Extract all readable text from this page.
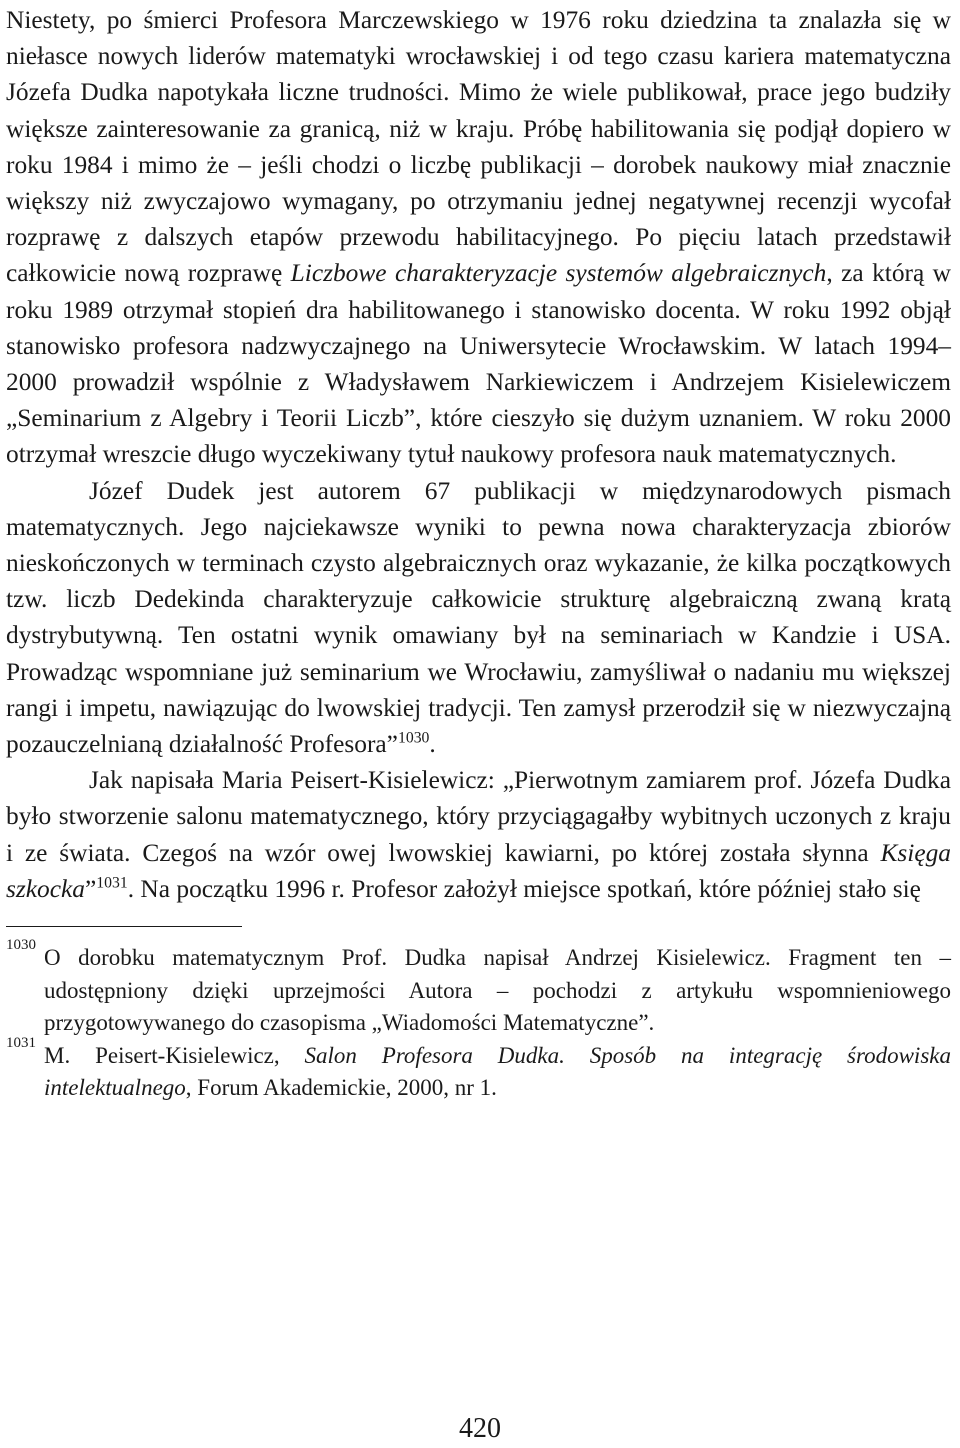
Niestety, po śmierci Profesora Marczewskiego w 1976 roku dziedzina ta znalazła się w niełasce nowych liderów matematyki wrocławskiej i od tego czasu kariera matematyczna Józefa Dudka napotykała liczne trudności. Mimo że wiele publikował, prace jego budziły większe zainteresowanie za granicą, niż w kraju. Próbę habilitowania się podjął dopiero w roku 1984 i mimo że – jeśli chodzi o liczbę publikacji – dorobek naukowy miał znacznie większy niż zwyczajowo wymagany, po otrzymaniu jednej negatywnej recenzji wycofał rozprawę z dalszych etapów przewodu habilitacyjnego. Po pięciu latach przedstawił całkowicie nową rozprawę Liczbowe charakteryzacje systemów algebraicznych, za którą w roku 1989 otrzymał stopień dra habilitowanego i stanowisko docenta. W roku 1992 objął stanowisko profesora nadzwyczajnego na Uniwersytecie Wrocławskim. W latach 1994–2000 prowadził wspólnie z Władysławem Narkiewiczem i Andrzejem Kisielewiczem „Seminarium z Algebry i Teorii Liczb”, które cieszyło się dużym uznaniem. W roku 2000 otrzymał wreszcie długo wyczekiwany tytuł naukowy profesora nauk matematycznych.

Józef Dudek jest autorem 67 publikacji w międzynarodowych pismach matematycznych. Jego najciekawsze wyniki to pewna nowa charakteryzacja zbiorów nieskończonych w terminach czysto algebraicznych oraz wykazanie, że kilka początkowych tzw. liczb Dedekinda charakteryzuje całkowicie strukturę algebraiczną zwaną kratą dystrybutywną. Ten ostatni wynik omawiany był na seminariach w Kandzie i USA. Prowadząc wspomniane już seminarium we Wrocławiu, zamyśliwał o nadaniu mu większej rangi i impetu, nawiązując do lwowskiej tradycji. Ten zamysł przerodził się w niezwyczajną pozauczelnianą działalność Profesora”$^{1030}$.

Jak napisała Maria Peisert-Kisielewicz: „Pierwotnym zamiarem prof. Józefa Dudka było stworzenie salonu matematycznego, który przyciągagałby wybitnych uczonych z kraju i ze świata. Czegoś na wzór owej lwowskiej kawiarni, po której została słynna Księga szkocka”$^{1031}$. Na początku 1996 r. Profesor założył miejsce spotkań, które później stało się

1030 O dorobku matematycznym Prof. Dudka napisał Andrzej Kisielewicz. Fragment ten – udostępniony dzięki uprzejmości Autora – pochodzi z artykułu wspomnieniowego przygotowywanego do czasopisma „Wiadomości Matematyczne”.
1031 M. Peisert-Kisielewicz, Salon Profesora Dudka. Sposób na integrację środowiska intelektualnego, Forum Akademickie, 2000, nr 1.
420
